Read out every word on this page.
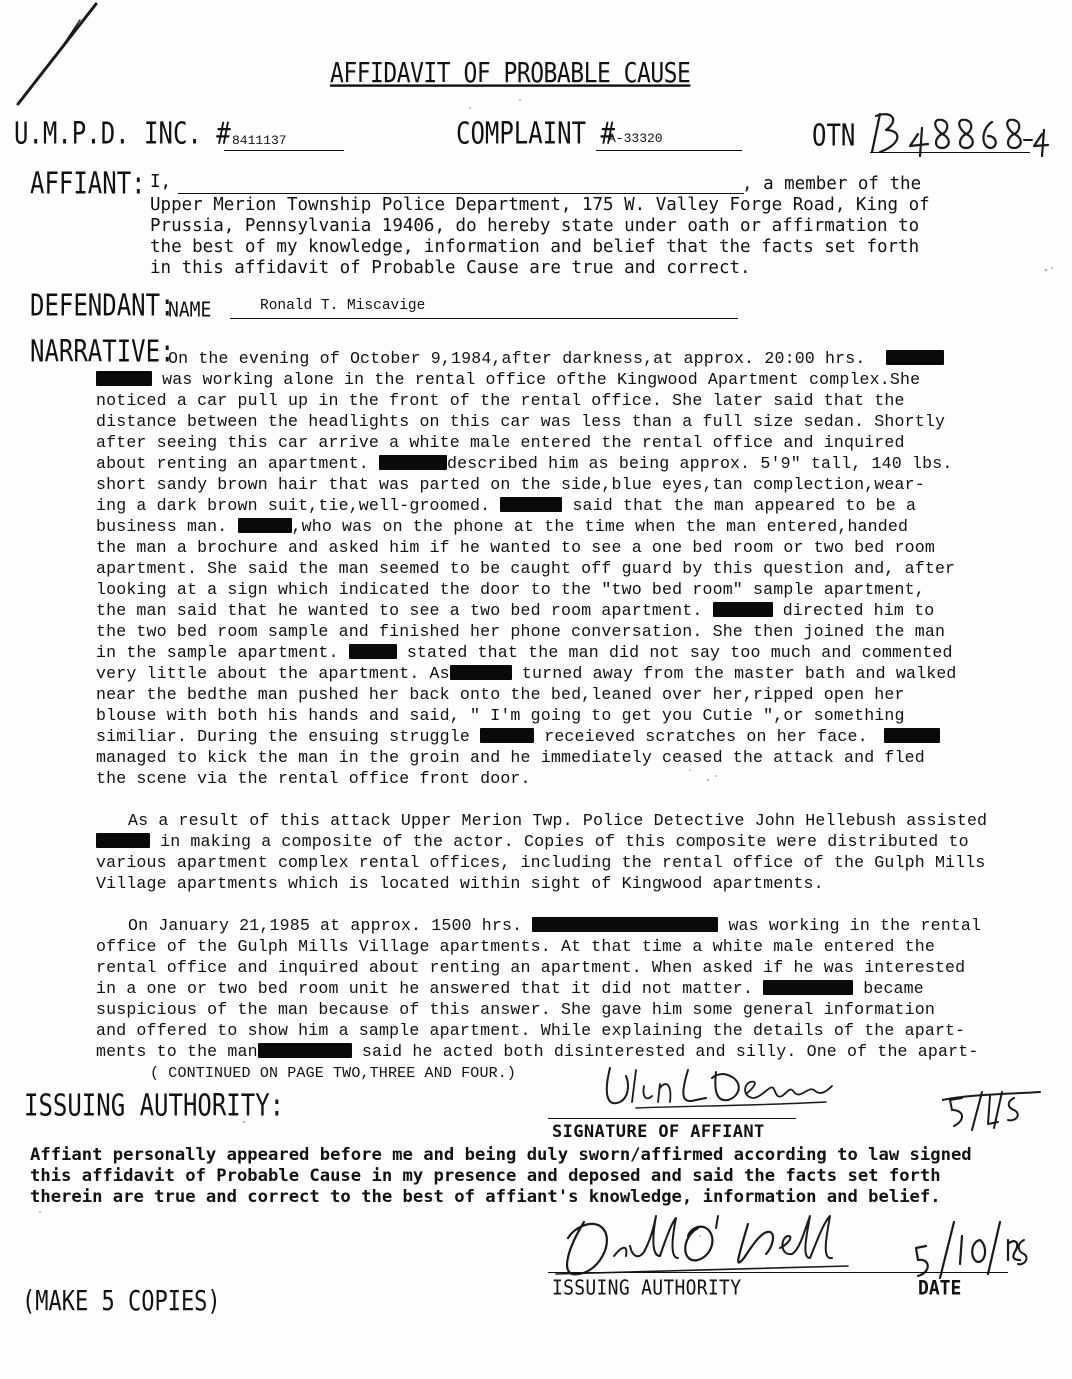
AFFIDAVIT OF PROBABLE CAUSE
U.M.P.D. INC. # 8411137	COMPLAINT #
A-33320	OTN
AFFIANT: I,	, a member of the
Upper Merion Township Police Department, 175 W. Valley Forge Road, King of
Prussia, Pennsylvania 19406, do hereby state under oath or affirmation to
the best of my knowledge, information and belief that the facts set forth
in this affidavit of Probable Cause are true and correct.
DEFENDANT:
NAME	Ronald T. Miscavige
NARRATIVE:
On the evening of October 9,1984,after darkness,at approx. 20:00 hrs.
was working alone in the rental office ofthe Kingwood Apartment complex.She
noticed a car pull up in the front of the rental office. She later said that the
distance between the headlights on this car was less than a full size sedan. Shortly
after seeing this car arrive a white male entered the rental office and inquired
about renting an apartment.	described him as being approx. 5'9" tall, 140 lbs.
short sandy brown hair that was parted on the side,blue eyes,tan complection,wear-
ing a dark brown suit,tie,well-groomed.	said that the man appeared to be a
business man.	,who was on the phone at the time when the man entered,handed
the man a brochure and asked him if he wanted to see a one bed room or two bed room
apartment. She said the man seemed to be caught off guard by this question and, after
looking at a sign which indicated the door to the "two bed room" sample apartment,
the man said that he wanted to see a two bed room apartment.	directed him to
the two bed room sample and finished her phone conversation. She then joined the man
in the sample apartment.	stated that the man did not say too much and commented
very little about the apartment. As	turned away from the master bath and walked
near the bedthe man pushed her back onto the bed,leaned over her,ripped open her
blouse with both his hands and said, " I'm going to get you Cutie ",or something
similiar. During the ensuing struggle	receieved scratches on her face.
managed to kick the man in the groin and he immediately ceased the attack and fled
the scene via the rental office front door.
As a result of this attack Upper Merion Twp. Police Detective John Hellebush assisted
in making a composite of the actor. Copies of this composite were distributed to
various apartment complex rental offices, including the rental office of the Gulph Mills
Village apartments which is located within sight of Kingwood apartments.
On January 21,1985 at approx. 1500 hrs.	was working in the rental
office of the Gulph Mills Village apartments. At that time a white male entered the
rental office and inquired about renting an apartment. When asked if he was interested
in a one or two bed room unit he answered that it did not matter.	became
suspicious of the man because of this answer. She gave him some general information
and offered to show him a sample apartment. While explaining the details of the apart-
ments to the man	said he acted both disinterested and silly. One of the apart-
( CONTINUED ON PAGE TWO,THREE AND FOUR.)
ISSUING AUTHORITY:
SIGNATURE OF AFFIANT
Affiant personally appeared before me and being duly sworn/affirmed according to law signed
this affidavit of Probable Cause in my presence and deposed and said the facts set forth
therein are true and correct to the best of affiant's knowledge, information and belief.
ISSUING AUTHORITY	DATE
(MAKE 5 COPIES)
